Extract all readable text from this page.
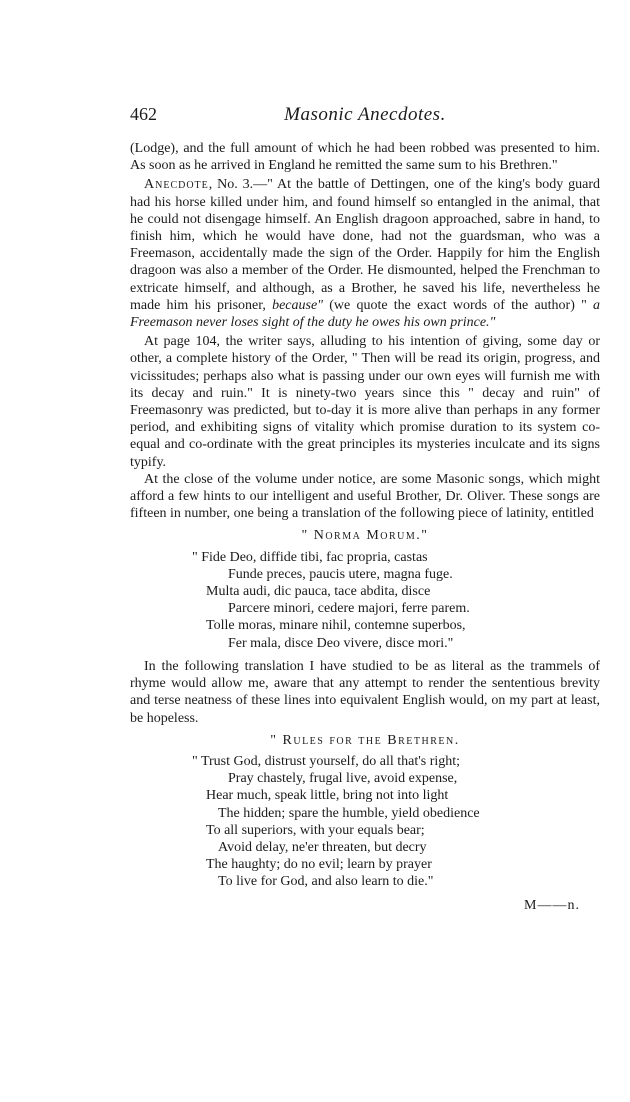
462	Masonic Anecdotes.

(Lodge), and the full amount of which he had been robbed was presented to him. As soon as he arrived in England he remitted the same sum to his Brethren."

Anecdote, No. 3.—" At the battle of Dettingen, one of the king's body guard had his horse killed under him, and found himself so entangled in the animal, that he could not disengage himself. An English dragoon approached, sabre in hand, to finish him, which he would have done, had not the guardsman, who was a Freemason, accidentally made the sign of the Order. Happily for him the English dragoon was also a member of the Order. He dismounted, helped the Frenchman to extricate himself, and although, as a Brother, he saved his life, nevertheless he made him his prisoner, because" (we quote the exact words of the author) " a Freemason never loses sight of the duty he owes his own prince."

At page 104, the writer says, alluding to his intention of giving, some day or other, a complete history of the Order, " Then will be read its origin, progress, and vicissitudes; perhaps also what is passing under our own eyes will furnish me with its decay and ruin." It is ninety-two years since this " decay and ruin" of Freemasonry was predicted, but to-day it is more alive than perhaps in any former period, and exhibiting signs of vitality which promise duration to its system co-equal and co-ordinate with the great principles its mysteries inculcate and its signs typify.

At the close of the volume under notice, are some Masonic songs, which might afford a few hints to our intelligent and useful Brother, Dr. Oliver. These songs are fifteen in number, one being a translation of the following piece of latinity, entitled

" Norma Morum."

" Fide Deo, diffide tibi, fac propria, castas

Funde preces, paucis utere, magna fuge.

Multa audi, dic pauca, tace abdita, disce

Parcere minori, cedere majori, ferre parem.

Tolle moras, minare nihil, contemne superbos,

Fer mala, disce Deo vivere, disce mori."

In the following translation I have studied to be as literal as the trammels of rhyme would allow me, aware that any attempt to render the sententious brevity and terse neatness of these lines into equivalent English would, on my part at least, be hopeless.

" Rules for the Brethren.

" Trust God, distrust yourself, do all that's right;

Pray chastely, frugal live, avoid expense,

Hear much, speak little, bring not into light

The hidden; spare the humble, yield obedience

To all superiors, with your equals bear;

Avoid delay, ne'er threaten, but decry

The haughty; do no evil; learn by prayer

To live for God, and also learn to die."

M——n.
